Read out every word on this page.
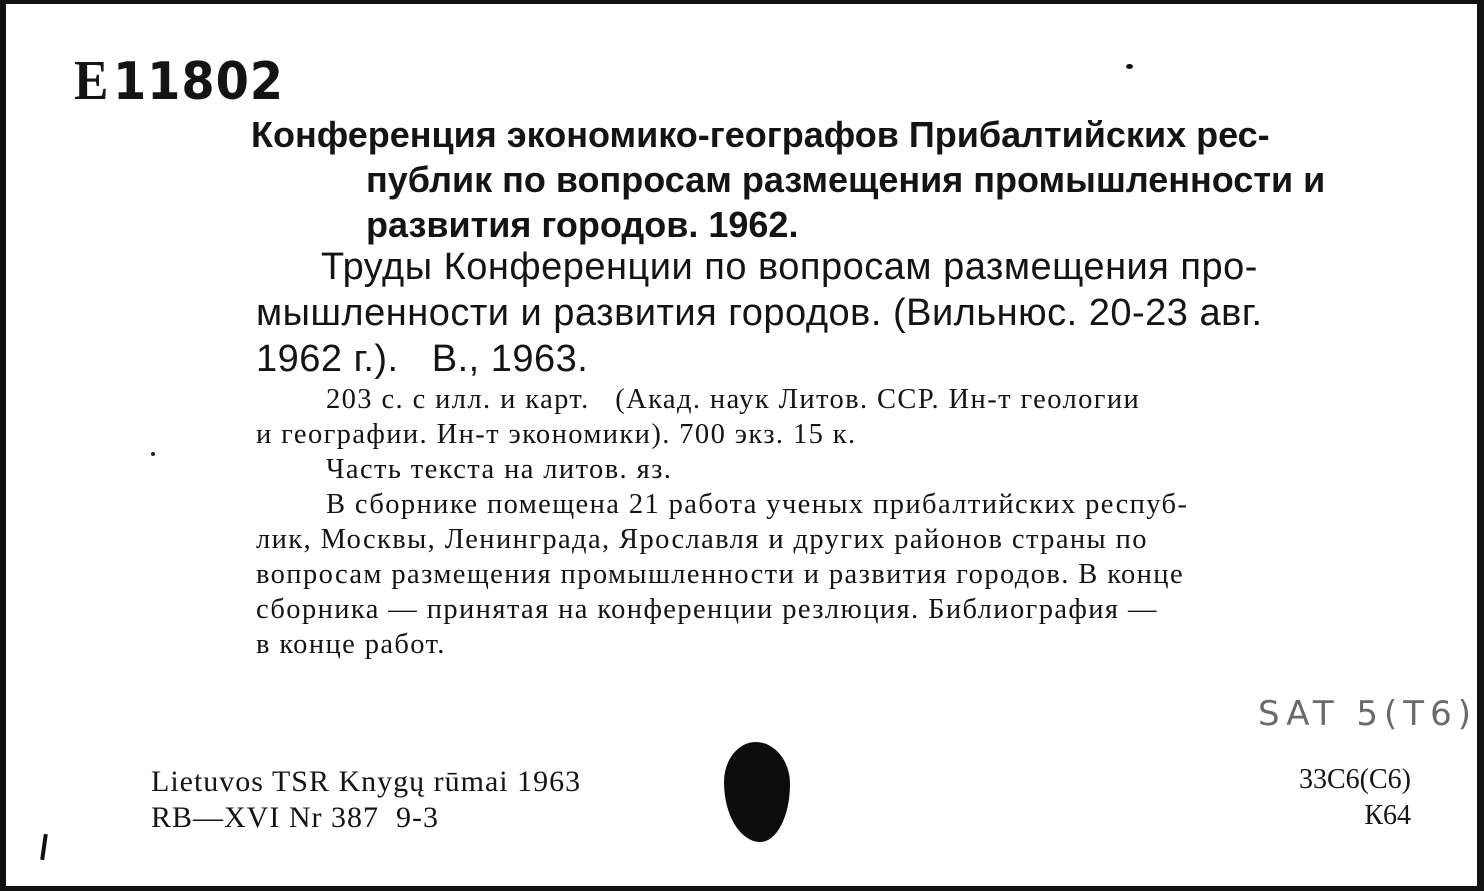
E 11802
Конференция экономико-географов Прибалтийских рес-
публик по вопросам размещения промышленности и
развития городов. 1962.
Труды Конференции по вопросам размещения про-
мышленности и развития городов. (Вильнюс. 20-23 авг.
1962 г.).   В., 1963.
203 с. с илл. и карт.   (Акад. наук Литов. ССР. Ин-т геологии
и географии. Ин-т экономики). 700 экз. 15 к.
Часть текста на литов. яз.
В сборнике помещена 21 работа ученых прибалтийских респуб-
лик, Москвы, Ленинграда, Ярославля и других районов страны по
вопросам размещения промышленности и развития городов. В конце
сборника — принятая на конференции резлюция. Библиография —
в конце работ.
SAT 5(T6)
Lietuvos TSR Knygų rūmai 1963
RB—XVI Nr 387  9-3
33C6(C6)
К64
